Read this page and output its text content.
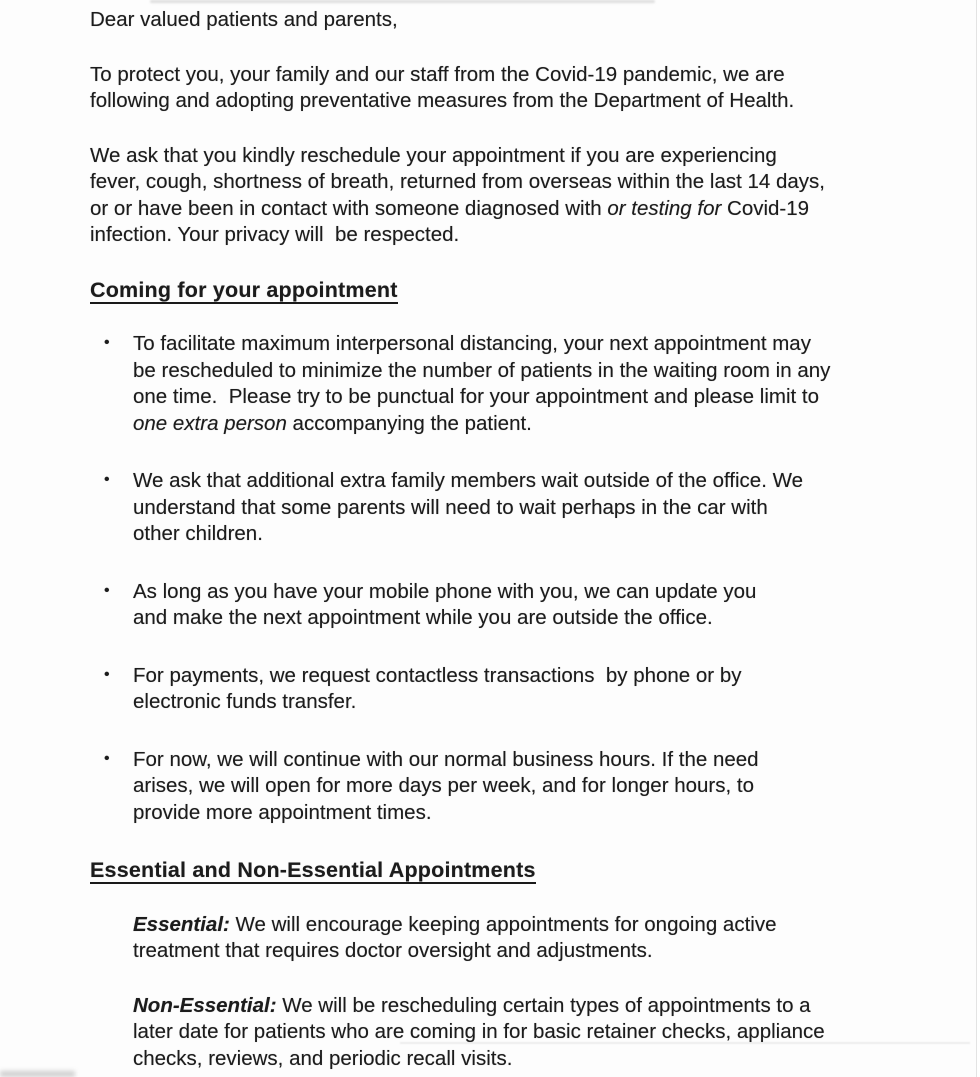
Dear valued patients and parents,

To protect you, your family and our staff from the Covid-19 pandemic, we are
following and adopting preventative measures from the Department of Health.

We ask that you kindly reschedule your appointment if you are experiencing
fever, cough, shortness of breath, returned from overseas within the last 14 days,
or or have been in contact with someone diagnosed with or testing for Covid-19
infection. Your privacy will  be respected.

Coming for your appointment
• To facilitate maximum interpersonal distancing, your next appointment may
be rescheduled to minimize the number of patients in the waiting room in any
one time.  Please try to be punctual for your appointment and please limit to
one extra person accompanying the patient.
• We ask that additional extra family members wait outside of the office. We
understand that some parents will need to wait perhaps in the car with
other children.
• As long as you have your mobile phone with you, we can update you
and make the next appointment while you are outside the office.
• For payments, we request contactless transactions  by phone or by
electronic funds transfer.
• For now, we will continue with our normal business hours. If the need
arises, we will open for more days per week, and for longer hours, to
provide more appointment times.
Essential and Non-Essential Appointments

Essential: We will encourage keeping appointments for ongoing active
treatment that requires doctor oversight and adjustments.

Non-Essential: We will be rescheduling certain types of appointments to a
later date for patients who are coming in for basic retainer checks, appliance
checks, reviews, and periodic recall visits.
